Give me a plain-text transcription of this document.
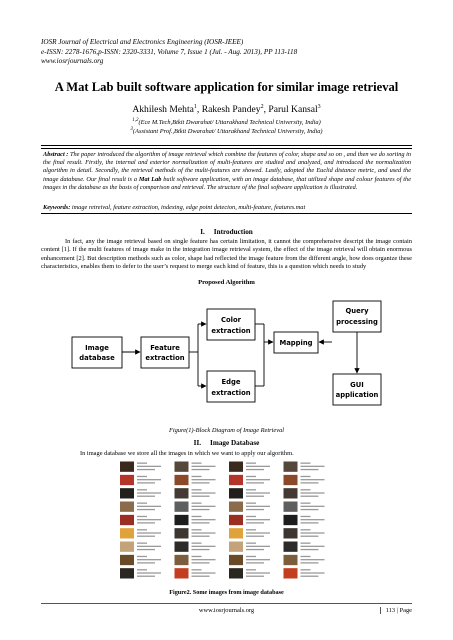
IOSR Journal of Electrical and Electronics Engineering (IOSR-JEEE)
e-ISSN: 2278-1676,p-ISSN: 2320-3331, Volume 7, Issue 1 (Jul. - Aug. 2013), PP 113-118
www.iosrjournals.org
A Mat Lab built software application for similar image retrieval
Akhilesh Mehta$^1$, Rakesh Pandey$^2$, Parul Kansal$^3$
$^{1,2}$(Ece M.Tech,Btkit Dwarahat/ Uttarakhand Technical University, India)
$^3$(Assistant Prof.,Btkit Dwarahat/ Uttarakhand Technical University, India)
Abstract : The paper introduced the algorithm of image retrieval which combine the features of color, shape and so on , and then we do sorting in the final result. Firstly, the internal and exterior normalization of multi-features are studied and analyzed, and introduced the normalization algorithm in detail. Secondly, the retrieval methods of the multi-features are showed. Lastly, adopted the Euclid distance metric, and used the image database. Our final result is a Mat Lab built software application, with an image database, that utilized shape and colour features of the images in the database as the basis of comparison and retrieval. The structure of the final software application is illustrated.
Keywords: image retreival, feature extraction, indexing, edge point detecion, multi-feature, features.mat
I. Introduction
In fact, any the image retrieval based on single feature has certain limitation, it cannot the comprehensive descript the image contain content [1]. If the multi features of image make in the integration image retrieval system, the effect of the image retrieval will obtain enormous enhancement [2]. But description methods such as color, shape had reflected the image feature from the different angle, how does organize these characteristics, enables them to defer to the user’s request to merge each kind of feature, this is a question which needs to study
Proposed Algorithm
Image
database
Feature
extraction
Color
extraction
Edge
extraction
Mapping
Query
processing
GUI
application
Figure(1)-Block Diagram of Image Retrieval
II. Image Database
In image database we store all the images in which we want to apply our algorithm.
Figure2. Some images from image database
www.iosrjournals.org	113 | Page
